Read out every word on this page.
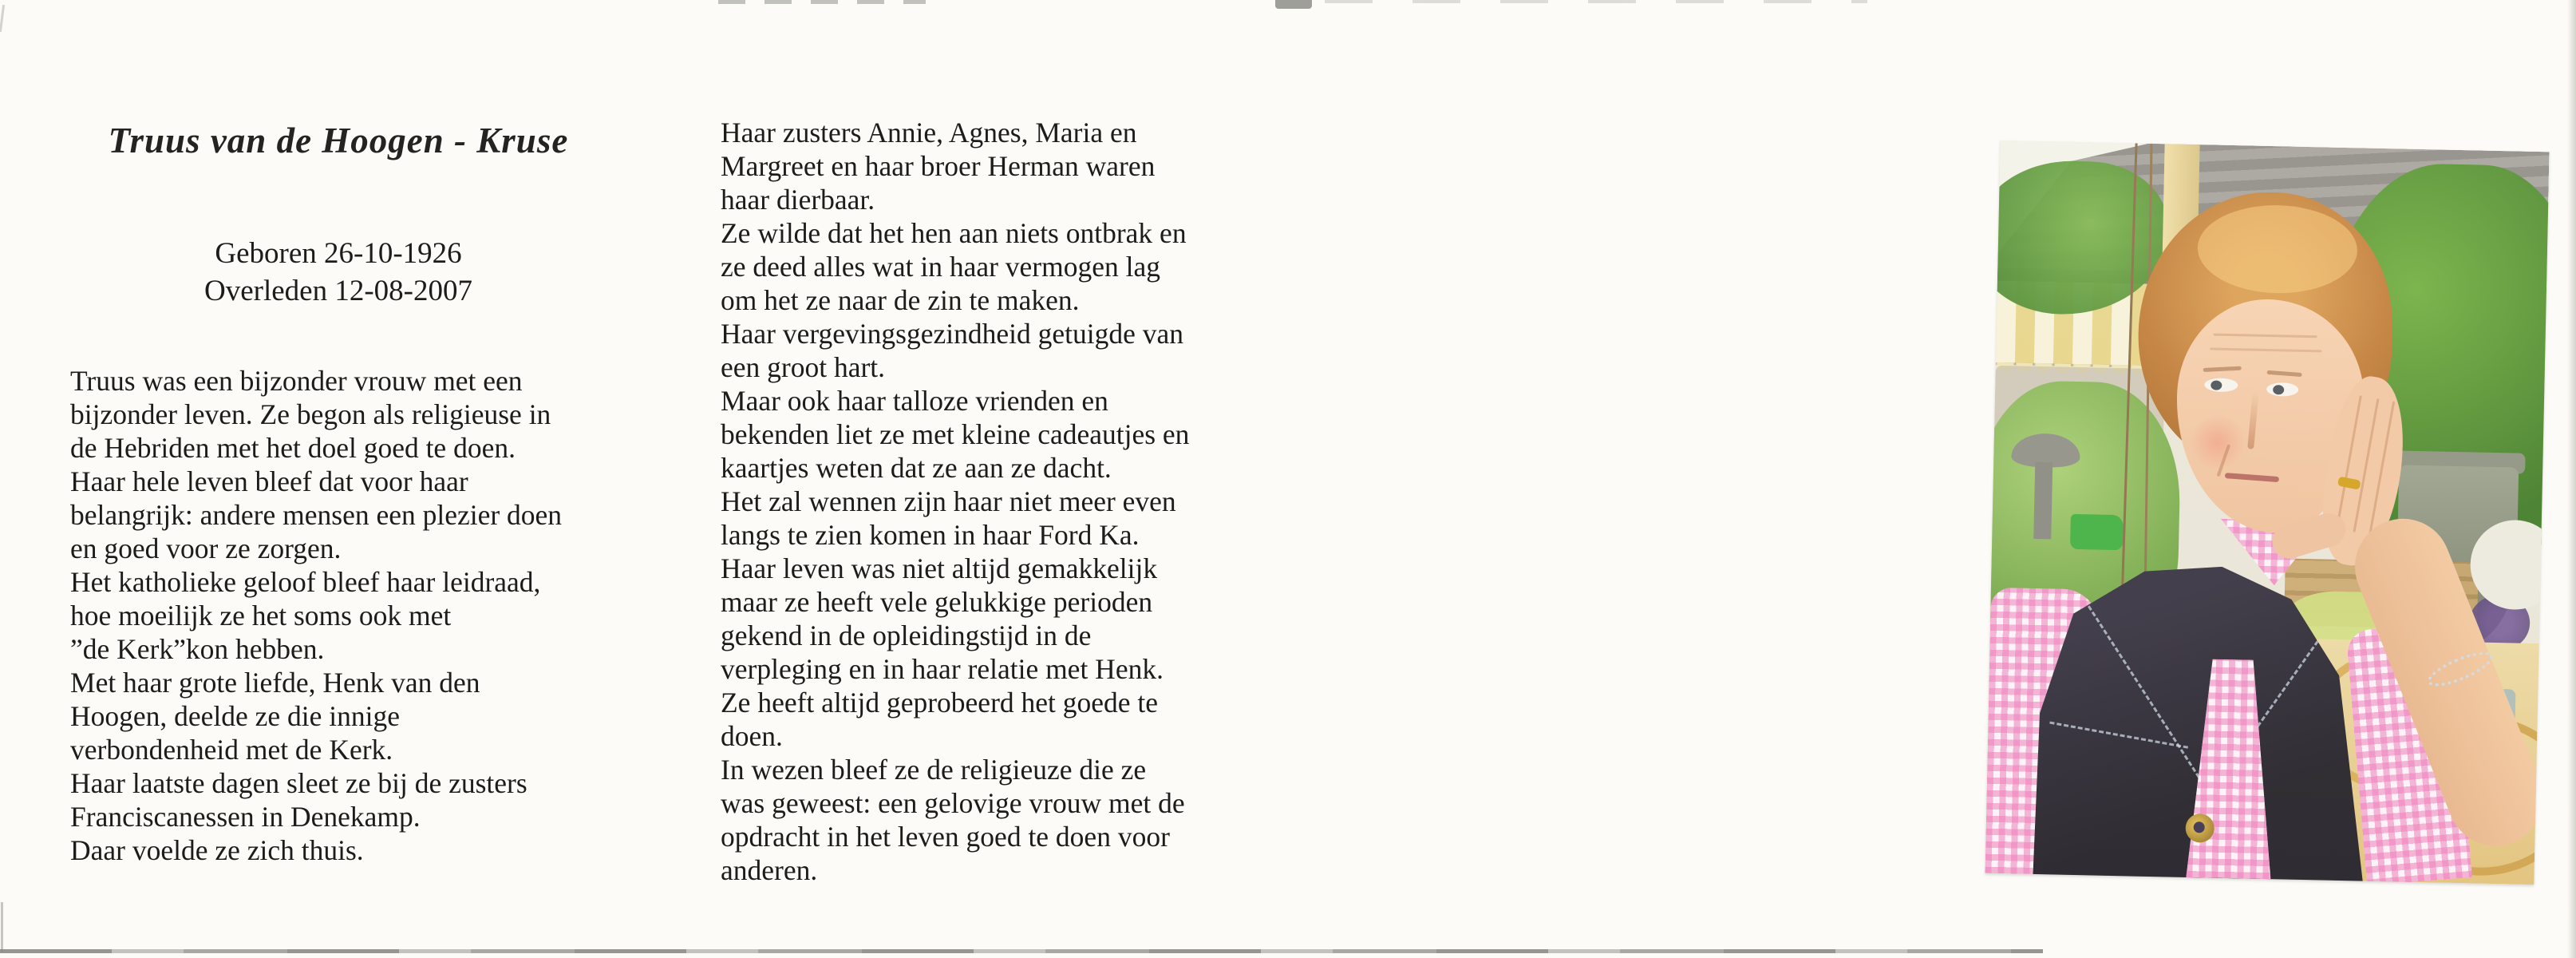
Truus van de Hoogen - Kruse
Geboren 26-10-1926
Overleden 12-08-2007
Truus was een bijzonder vrouw met een
bijzonder leven. Ze begon als religieuse in
de Hebriden met het doel goed te doen.
Haar hele leven bleef dat voor haar
belangrijk: andere mensen een plezier doen
en goed voor ze zorgen.
Het katholieke geloof bleef haar leidraad,
hoe moeilijk ze het soms ook met
”de Kerk”kon hebben.
Met haar grote liefde, Henk van den
Hoogen, deelde ze die innige
verbondenheid met de Kerk.
Haar laatste dagen sleet ze bij de zusters
Franciscanessen in Denekamp.
Daar voelde ze zich thuis.
Haar zusters Annie, Agnes, Maria en
Margreet en haar broer Herman waren
haar dierbaar.
Ze wilde dat het hen aan niets ontbrak en
ze deed alles wat in haar vermogen lag
om het ze naar de zin te maken.
Haar vergevingsgezindheid getuigde van
een groot hart.
Maar ook haar talloze vrienden en
bekenden liet ze met kleine cadeautjes en
kaartjes weten dat ze aan ze dacht.
Het zal wennen zijn haar niet meer even
langs te zien komen in haar Ford Ka.
Haar leven was niet altijd gemakkelijk
maar ze heeft vele gelukkige perioden
gekend in de opleidingstijd in de
verpleging en in haar relatie met Henk.
Ze heeft altijd geprobeerd het goede te
doen.
In wezen bleef ze de religieuze die ze
was geweest: een gelovige vrouw met de
opdracht in het leven goed te doen voor
anderen.
